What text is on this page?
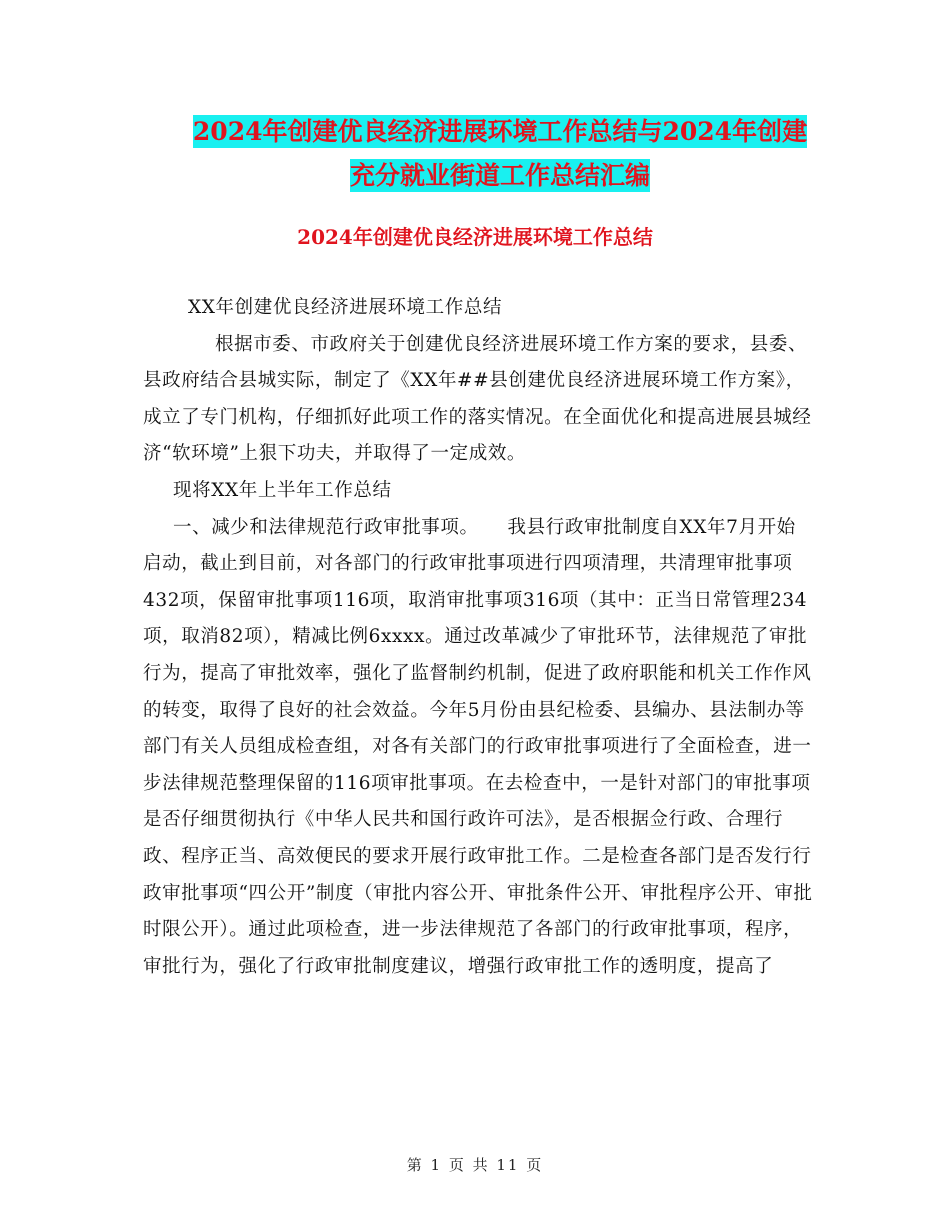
2024年创建优良经济进展环境工作总结与2024年创建
充分就业街道工作总结汇编
2024年创建优良经济进展环境工作总结

XX年创建优良经济进展环境工作总结

根据市委、市政府关于创建优良经济进展环境工作方案的要求，县委、县政府结合县城实际，制定了《XX年##县创建优良经济进展环境工作方案》，成立了专门机构，仔细抓好此项工作的落实情况。在全面优化和提高进展县城经济“软环境”上狠下功夫，并取得了一定成效。

现将XX年上半年工作总结

一、减少和法律规范行政审批事项。　　我县行政审批制度自XX年7月开始启动，截止到目前，对各部门的行政审批事项进行四项清理，共清理审批事项432项，保留审批事项116项，取消审批事项316项（其中：正当日常管理234项，取消82项），精减比例6xxxx。通过改革减少了审批环节，法律规范了审批行为，提高了审批效率，强化了监督制约机制，促进了政府职能和机关工作作风的转变，取得了良好的社会效益。今年5月份由县纪检委、县编办、县法制办等部门有关人员组成检查组，对各有关部门的行政审批事项进行了全面检查，进一步法律规范整理保留的116项审批事项。在去检查中，一是针对部门的审批事项是否仔细贯彻执行《中华人民共和国行政许可法》，是否根据佥行政、合理行政、程序正当、高效便民的要求开展行政审批工作。二是检查各部门是否发行行政审批事项“四公开”制度（审批内容公开、审批条件公开、审批程序公开、审批时限公开）。通过此项检查，进一步法律规范了各部门的行政审批事项，程序，审批行为，强化了行政审批制度建议，增强行政审批工作的透明度，提高了

第 1 页 共 11 页
